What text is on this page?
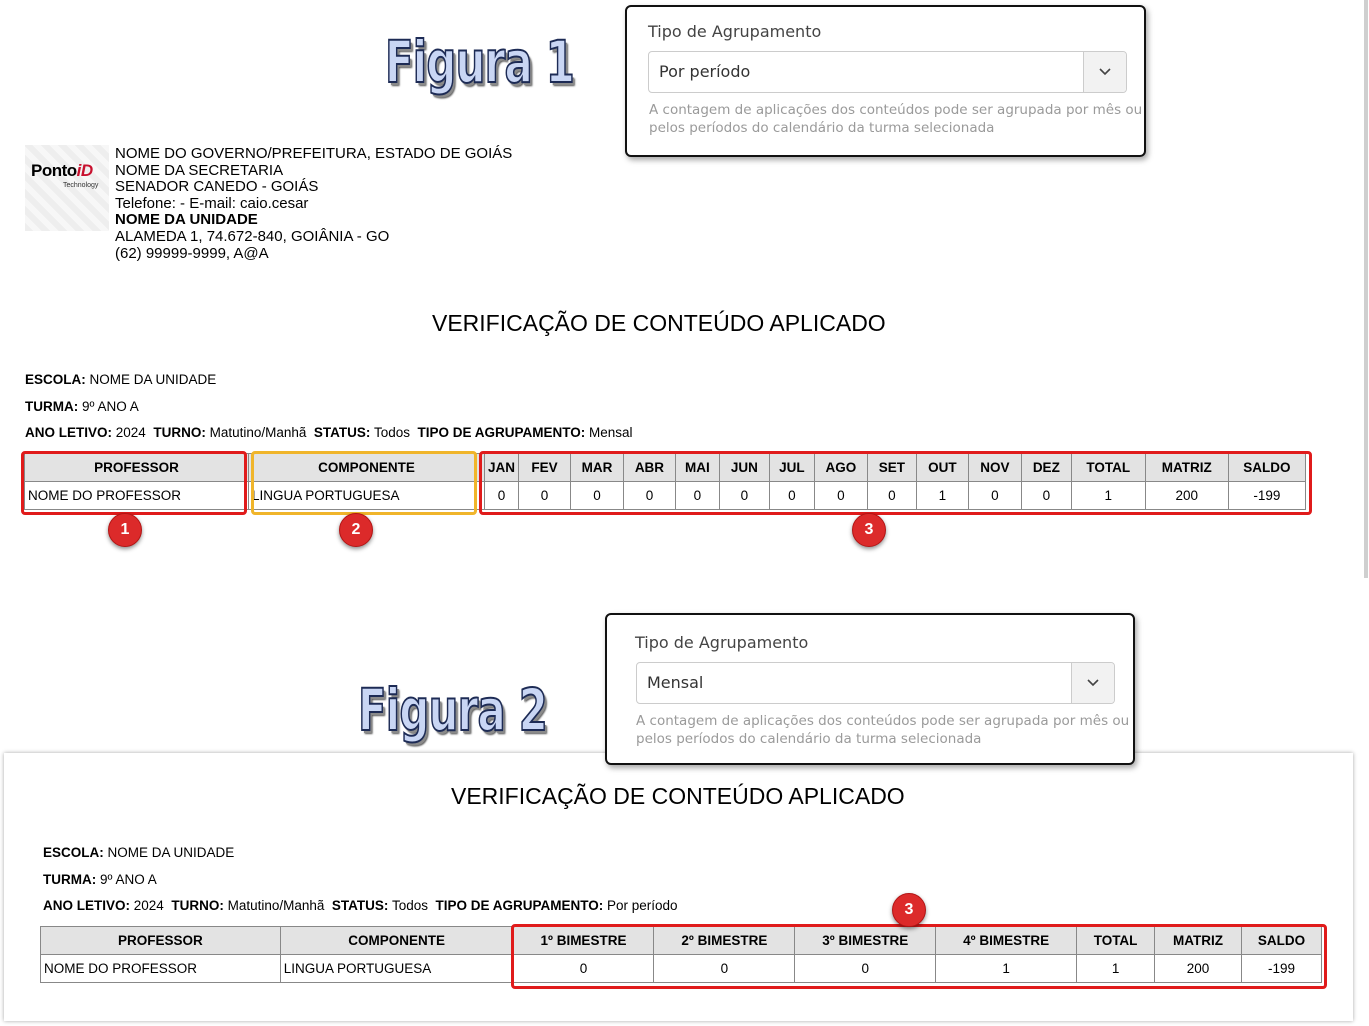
Figura 1	Tipo de Agrupamento
Por período
A contagem de aplicações dos conteúdos pode ser agrupada por mês ou
pelos períodos do calendário da turma selecionada
PontoiD
Technology
NOME DO GOVERNO/PREFEITURA, ESTADO DE GOIÁS
NOME DA SECRETARIA
SENADOR CANEDO - GOIÁS
Telefone: - E-mail: caio.cesar
NOME DA UNIDADE
ALAMEDA 1, 74.672-840, GOIÂNIA - GO
(62) 99999-9999, A@A
VERIFICAÇÃO DE CONTEÚDO APLICADO
ESCOLA: NOME DA UNIDADE
TURMA: 9º ANO A
ANO LETIVO: 2024 TURNO: Matutino/Manhã STATUS: Todos TIPO DE AGRUPAMENTO: Mensal
PROFESSOR	COMPONENTE	JAN	FEV	MAR	ABR	MAI	JUN	JUL	AGO	SET	OUT	NOV	DEZ	TOTAL	MATRIZ	SALDO
NOME DO PROFESSOR	LINGUA PORTUGUESA	0	0	0	0	0	0	0	0	0	1	0	0	1	200	-199
1	2	3
Tipo de Agrupamento
Mensal
A contagem de aplicações dos conteúdos pode ser agrupada por mês ou
pelos períodos do calendário da turma selecionada
Figura 2
VERIFICAÇÃO DE CONTEÚDO APLICADO
ESCOLA: NOME DA UNIDADE
TURMA: 9º ANO A
ANO LETIVO: 2024 TURNO: Matutino/Manhã STATUS: Todos TIPO DE AGRUPAMENTO: Por período
PROFESSOR	COMPONENTE	1º BIMESTRE	2º BIMESTRE	3º BIMESTRE	4º BIMESTRE	TOTAL	MATRIZ	SALDO
NOME DO PROFESSOR	LINGUA PORTUGUESA	0	0	0	1	1	200	-199
3
